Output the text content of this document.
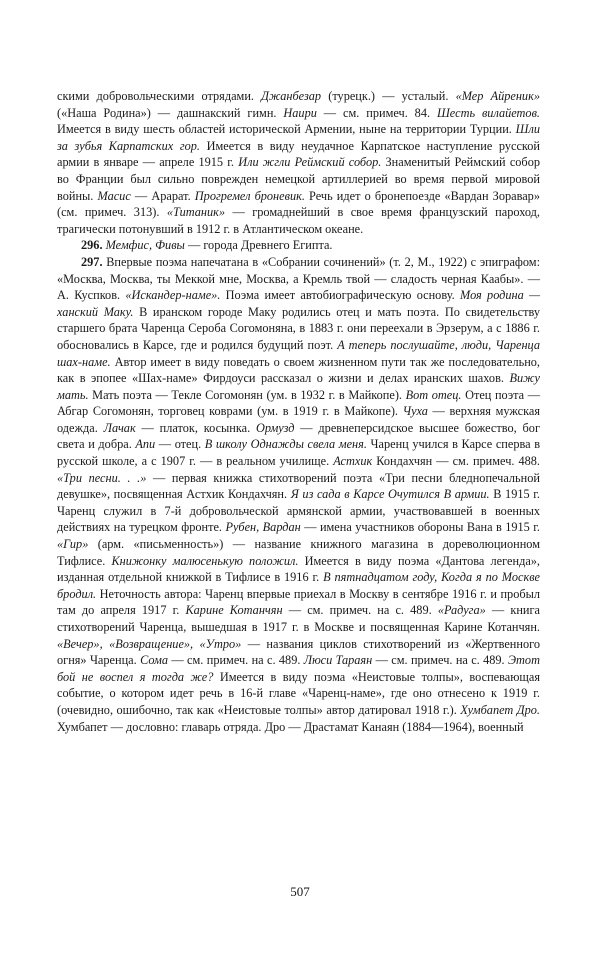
скими добровольческими отрядами. Джанбезар (турецк.) — усталый. «Мер Айреник» («Наша Родина») — дашнакский гимн. Наири — см. примеч. 84. Шесть вилайетов. Имеется в виду шесть областей исторической Армении, ныне на территории Турции. Шли за зубья Карпатских гор. Имеется в виду неудачное Карпатское наступление русской армии в январе — апреле 1915 г. Или жгли Реймский собор. Знаменитый Реймский собор во Франции был сильно поврежден немецкой артиллерией во время первой мировой войны. Масис — Арарат. Прогремел броневик. Речь идет о бронепоезде «Вардан Зоравар» (см. примеч. 313). «Титаник» — громаднейший в свое время французский пароход, трагически потонувший в 1912 г. в Атлантическом океане.

296. Мемфис, Фивы — города Древнего Египта.

297. Впервые поэма напечатана в «Собрании сочинений» (т. 2, М., 1922) с эпиграфом: «Москва, Москва, ты Меккой мне, Москва, а Кремль твой — сладость черная Каабы». — А. Куспков. «Искандер-наме». Поэма имеет автобиографическую основу. Моя родина — ханский Маку. В иранском городе Маку родились отец и мать поэта. По свидетельству старшего брата Чаренца Сероба Согомоняна, в 1883 г. они переехали в Эрзерум, а с 1886 г. обосновались в Карсе, где и родился будущий поэт. А теперь послушайте, люди, Чаренца шах-наме. Автор имеет в виду поведать о своем жизненном пути так же последовательно, как в эпопее «Шах-наме» Фирдоуси рассказал о жизни и делах иранских шахов. Вижу мать. Мать поэта — Текле Согомонян (ум. в 1932 г. в Майкопе). Вот отец. Отец поэта — Абгар Согомонян, торговец коврами (ум. в 1919 г. в Майкопе). Чуха — верхняя мужская одежда. Лачак — платок, косынка. Ормузд — древнеперсидское высшее божество, бог света и добра. Апи — отец. В школу Однажды свела меня. Чаренц учился в Карсе сперва в русской школе, а с 1907 г. — в реальном училище. Астхик Кондахчян — см. примеч. 488. «Три песни. . .» — первая книжка стихотворений поэта «Три песни бледнопечальной девушке», посвященная Астхик Кондахчян. Я из сада в Карсе Очутился В армии. В 1915 г. Чаренц служил в 7-й добровольческой армянской армии, участвовавшей в военных действиях на турецком фронте. Рубен, Вардан — имена участников обороны Вана в 1915 г. «Гир» (арм. «письменность») — название книжного магазина в дореволюционном Тифлисе. Книжонку малюсенькую положил. Имеется в виду поэма «Дантова легенда», изданная отдельной книжкой в Тифлисе в 1916 г. В пятнадцатом году, Когда я по Москве бродил. Неточность автора: Чаренц впервые приехал в Москву в сентябре 1916 г. и пробыл там до апреля 1917 г. Карине Котанчян — см. примеч. на с. 489. «Радуга» — книга стихотворений Чаренца, вышедшая в 1917 г. в Москве и посвященная Карине Котанчян. «Вечер», «Возвращение», «Утро» — названия циклов стихотворений из «Жертвенного огня» Чаренца. Сома — см. примеч. на с. 489. Люси Тараян — см. примеч. на с. 489. Этот бой не воспел я тогда же? Имеется в виду поэма «Неистовые толпы», воспевающая событие, о котором идет речь в 16-й главе «Чаренц-наме», где оно отнесено к 1919 г. (очевидно, ошибочно, так как «Неистовые толпы» автор датировал 1918 г.). Хумбапет Дро. Хумбапет — дословно: главарь отряда. Дро — Драстамат Канаян (1884—1964), военный

507
